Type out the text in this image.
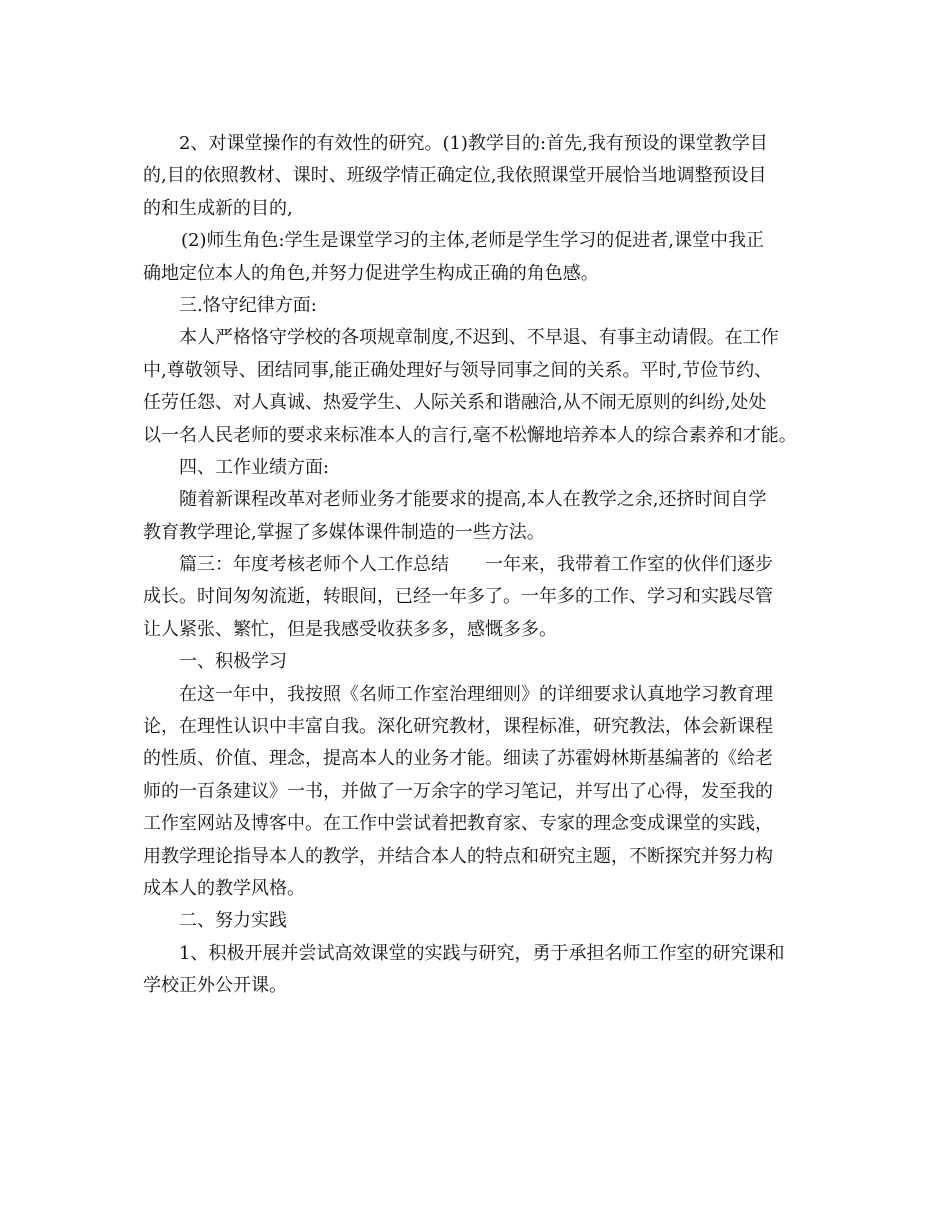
2、对课堂操作的有效性的研究。(1)教学目的:首先,我有预设的课堂教学目
的,目的依照教材、课时、班级学情正确定位,我依照课堂开展恰当地调整预设目
的和生成新的目的,
(2)师生角色:学生是课堂学习的主体,老师是学生学习的促进者,课堂中我正
确地定位本人的角色,并努力促进学生构成正确的角色感。
三.恪守纪律方面:
本人严格恪守学校的各项规章制度,不迟到、不早退、有事主动请假。在工作
中,尊敬领导、团结同事,能正确处理好与领导同事之间的关系。平时,节俭节约、
任劳任怨、对人真诚、热爱学生、人际关系和谐融洽,从不闹无原则的纠纷,处处
以一名人民老师的要求来标准本人的言行,毫不松懈地培养本人的综合素养和才能。
四、工作业绩方面:
随着新课程改革对老师业务才能要求的提高,本人在教学之余,还挤时间自学
教育教学理论,掌握了多媒体课件制造的一些方法。
篇三：年度考核老师个人工作总结　　一年来，我带着工作室的伙伴们逐步
成长。时间匆匆流逝，转眼间，已经一年多了。一年多的工作、学习和实践尽管
让人紧张、繁忙，但是我感受收获多多，感慨多多。
一、积极学习
在这一年中，我按照《名师工作室治理细则》的详细要求认真地学习教育理
论，在理性认识中丰富自我。深化研究教材，课程标准，研究教法，体会新课程
的性质、价值、理念，提高本人的业务才能。细读了苏霍姆林斯基编著的《给老
师的一百条建议》一书，并做了一万余字的学习笔记，并写出了心得，发至我的
工作室网站及博客中。在工作中尝试着把教育家、专家的理念变成课堂的实践，
用教学理论指导本人的教学，并结合本人的特点和研究主题，不断探究并努力构
成本人的教学风格。
二、努力实践
1、积极开展并尝试高效课堂的实践与研究，勇于承担名师工作室的研究课和
学校正外公开课。
